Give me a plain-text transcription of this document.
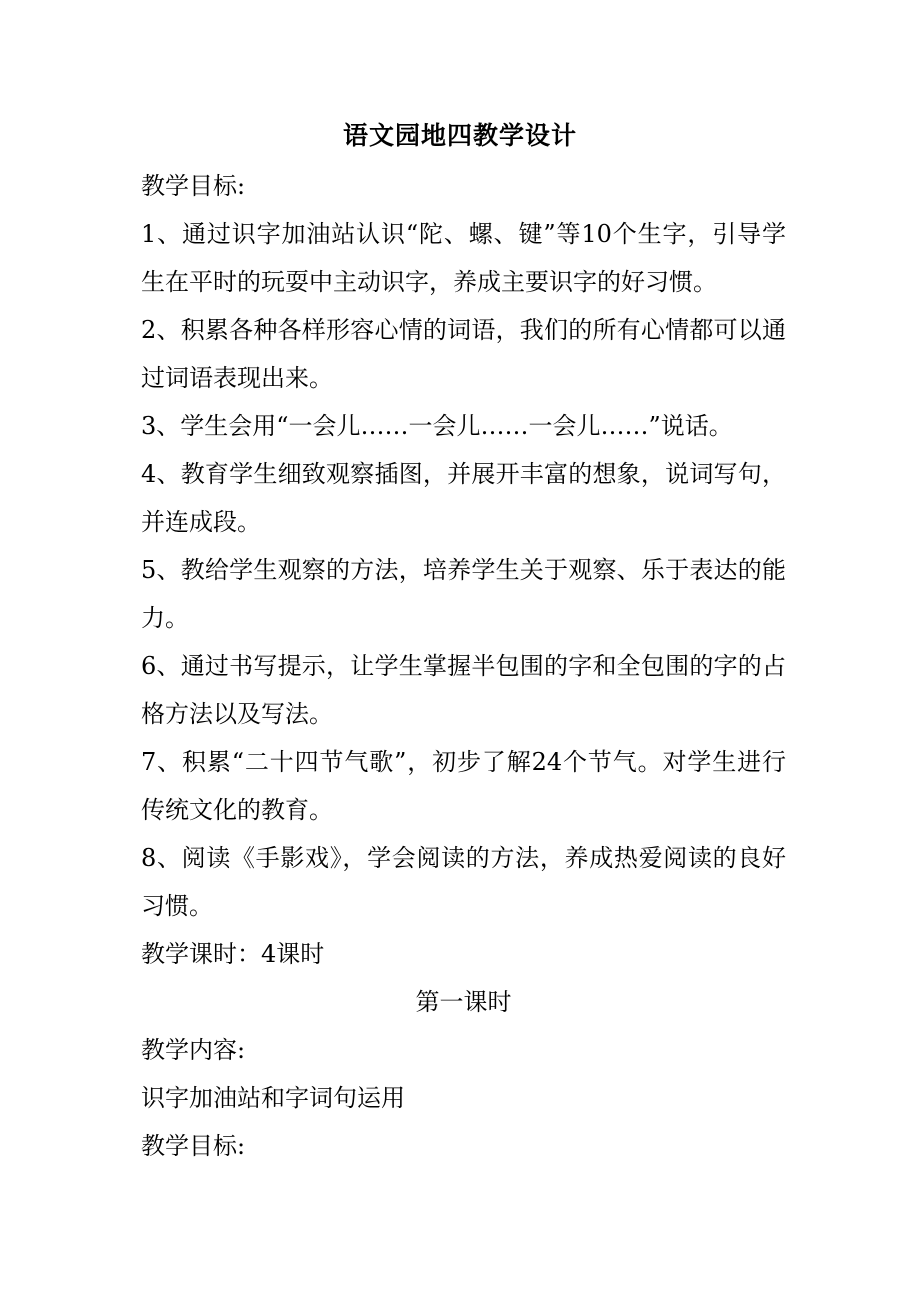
语文园地四教学设计

教学目标:

1、通过识字加油站认识“陀、螺、键”等10个生字，引导学生在平时的玩耍中主动识字，养成主要识字的好习惯。

2、积累各种各样形容心情的词语，我们的所有心情都可以通过词语表现出来。

3、学生会用“一会儿……一会儿……一会儿……”说话。

4、教育学生细致观察插图，并展开丰富的想象，说词写句，并连成段。

5、教给学生观察的方法，培养学生关于观察、乐于表达的能力。

6、通过书写提示，让学生掌握半包围的字和全包围的字的占格方法以及写法。

7、积累“二十四节气歌”，初步了解24个节气。对学生进行传统文化的教育。

8、阅读《手影戏》，学会阅读的方法，养成热爱阅读的良好习惯。

教学课时：4课时

第一课时

教学内容:

识字加油站和字词句运用

教学目标:
